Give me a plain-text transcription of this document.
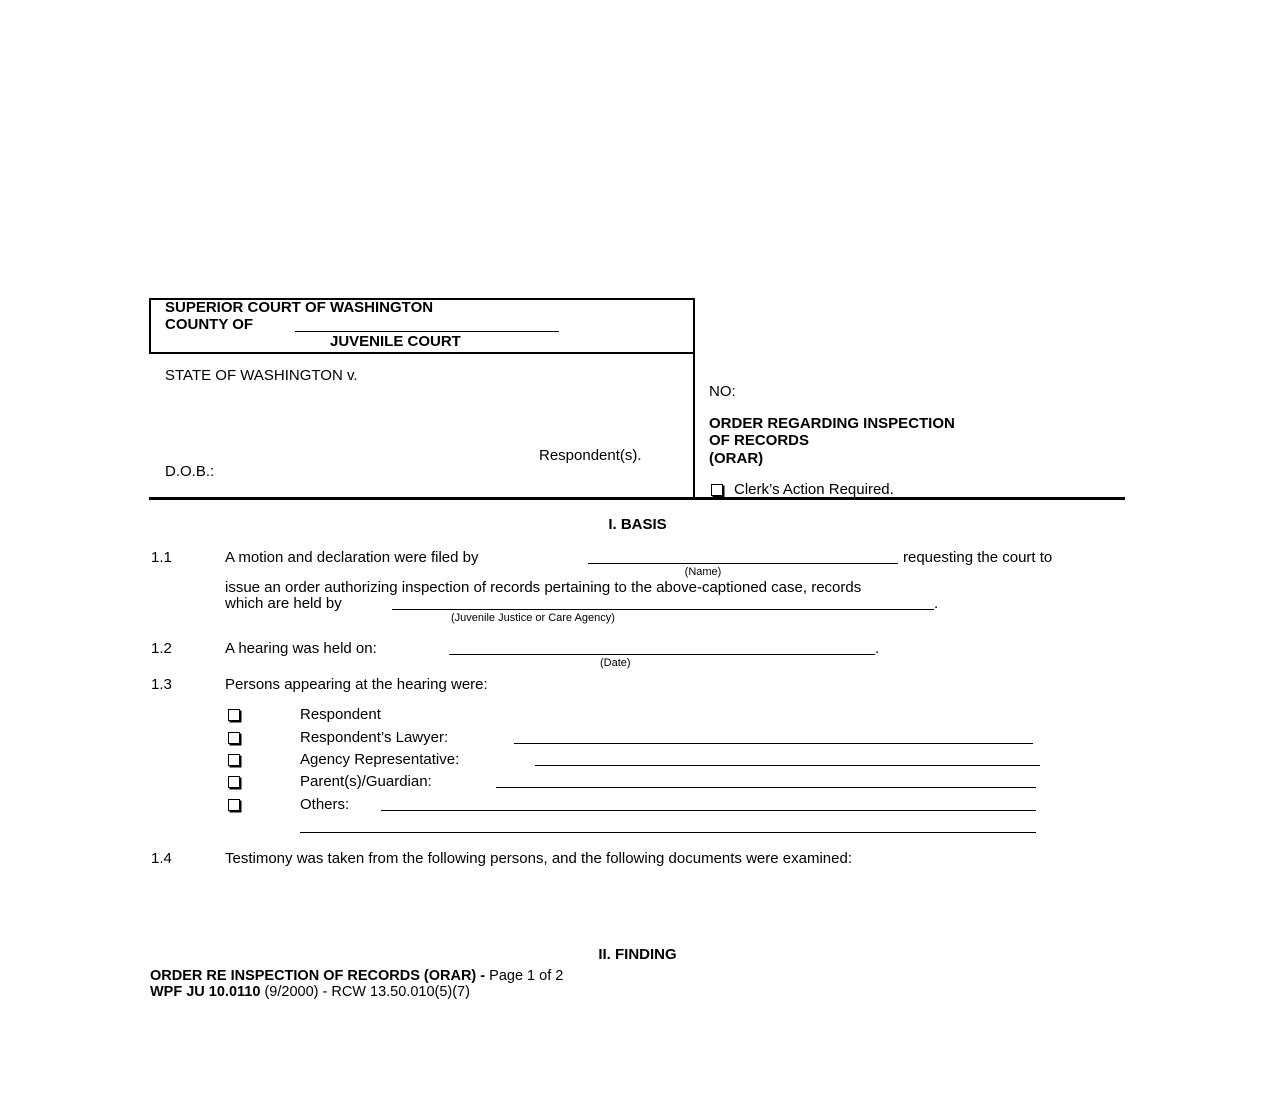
SUPERIOR COURT OF WASHINGTON
COUNTY OF
JUVENILE COURT
STATE OF WASHINGTON v.
Respondent(s).
D.O.B.:
NO:
ORDER REGARDING INSPECTION
OF RECORDS
(ORAR)
Clerk’s Action Required.
I. BASIS
1.1	A motion and declaration were filed by	requesting the court to
(Name)
issue an order authorizing inspection of records pertaining to the above-captioned case, records
which are held by	.
(Juvenile Justice or Care Agency)
1.2	A hearing was held on:	.
(Date)
1.3	Persons appearing at the hearing were:
Respondent
Respondent’s Lawyer:
Agency Representative:
Parent(s)/Guardian:
Others:
1.4	Testimony was taken from the following persons, and the following documents were examined:
II. FINDING
ORDER RE INSPECTION OF RECORDS (ORAR) - Page 1 of 2
WPF JU 10.0110 (9/2000) - RCW 13.50.010(5)(7)
